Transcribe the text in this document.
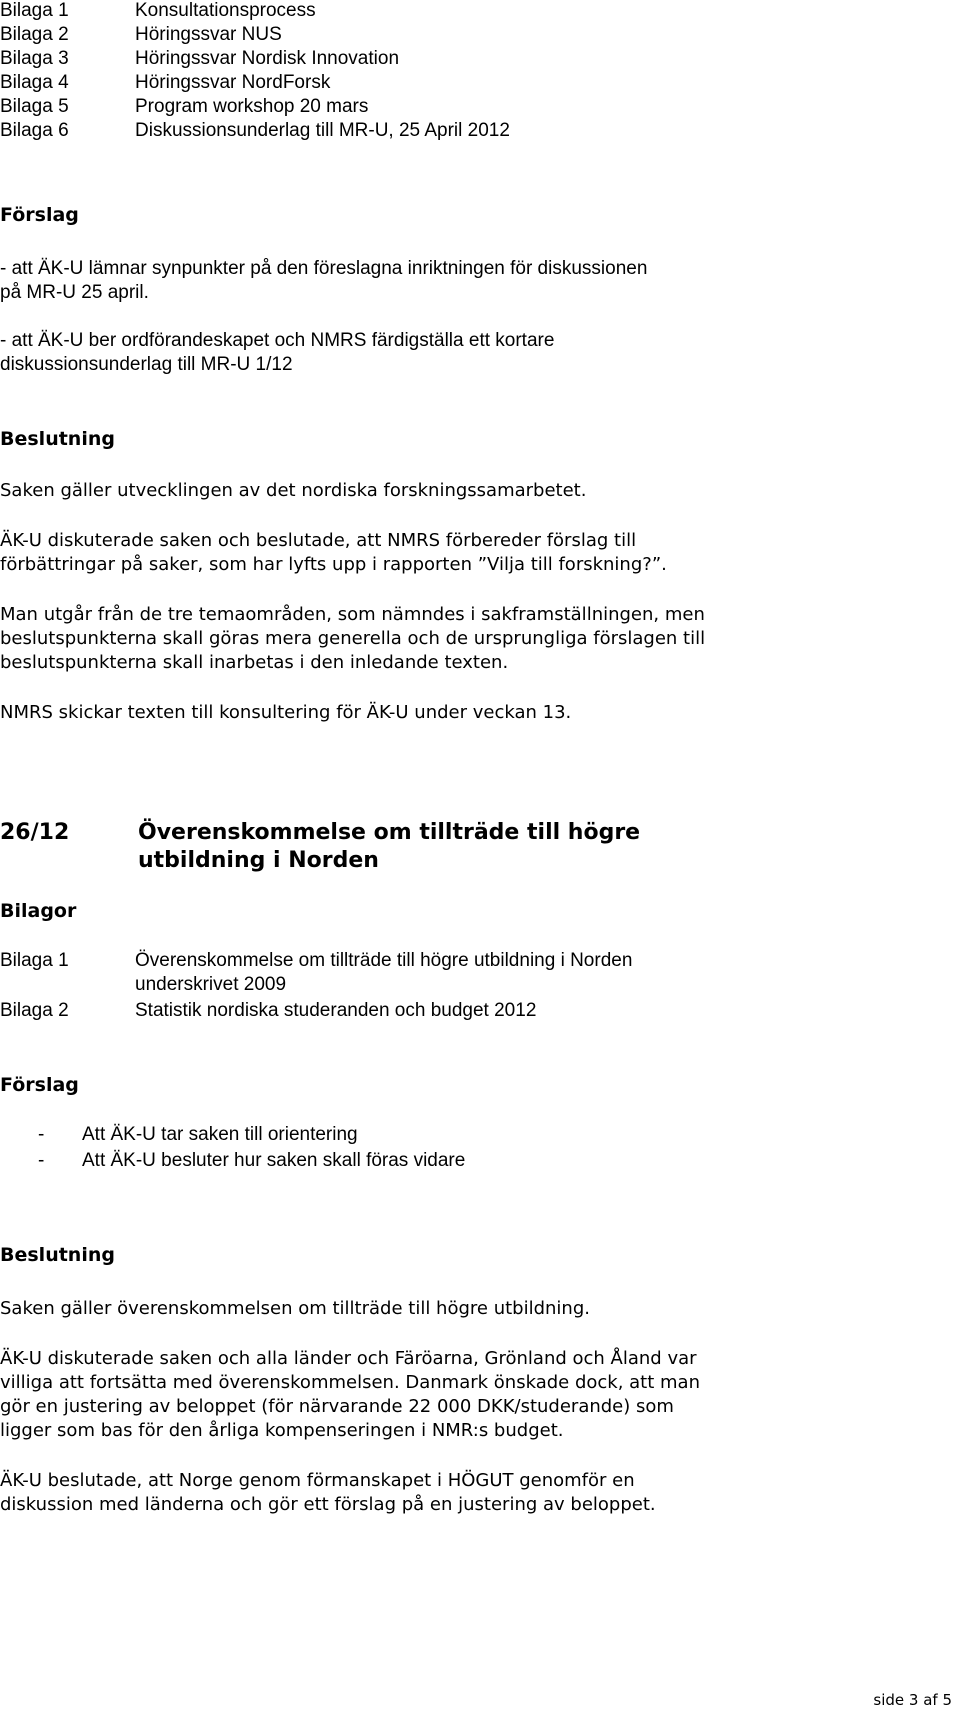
Bilaga 1	Konsultationsprocess
Bilaga 2	Höringssvar NUS
Bilaga 3	Höringssvar Nordisk Innovation
Bilaga 4	Höringssvar NordForsk
Bilaga 5	Program workshop 20 mars
Bilaga 6	Diskussionsunderlag till MR-U, 25 April 2012
Förslag
- att ÄK-U lämnar synpunkter på den föreslagna inriktningen för diskussionen
på MR-U 25 april.
- att ÄK-U ber ordförandeskapet och NMRS färdigställa ett kortare
diskussionsunderlag till MR-U 1/12
Beslutning
Saken gäller utvecklingen av det nordiska forskningssamarbetet.
ÄK-U diskuterade saken och beslutade, att NMRS förbereder förslag till
förbättringar på saker, som har lyfts upp i rapporten ”Vilja till forskning?”.
Man utgår från de tre temaområden, som nämndes i sakframställningen, men
beslutspunkterna skall göras mera generella och de ursprungliga förslagen till
beslutspunkterna skall inarbetas i den inledande texten.
NMRS skickar texten till konsultering för ÄK-U under veckan 13.
26/12	Överenskommelse om tillträde till högre
utbildning i Norden
Bilagor
Bilaga 1	Överenskommelse om tillträde till högre utbildning i Norden
underskrivet 2009
Bilaga 2	Statistik nordiska studeranden och budget 2012
Förslag
- Att ÄK-U tar saken till orientering
- Att ÄK-U besluter hur saken skall föras vidare
Beslutning
Saken gäller överenskommelsen om tillträde till högre utbildning.
ÄK-U diskuterade saken och alla länder och Färöarna, Grönland och Åland var
villiga att fortsätta med överenskommelsen. Danmark önskade dock, att man
gör en justering av beloppet (för närvarande 22 000 DKK/studerande) som
ligger som bas för den årliga kompenseringen i NMR:s budget.
ÄK-U beslutade, att Norge genom förmanskapet i HÖGUT genomför en
diskussion med länderna och gör ett förslag på en justering av beloppet.
side 3 af 5
